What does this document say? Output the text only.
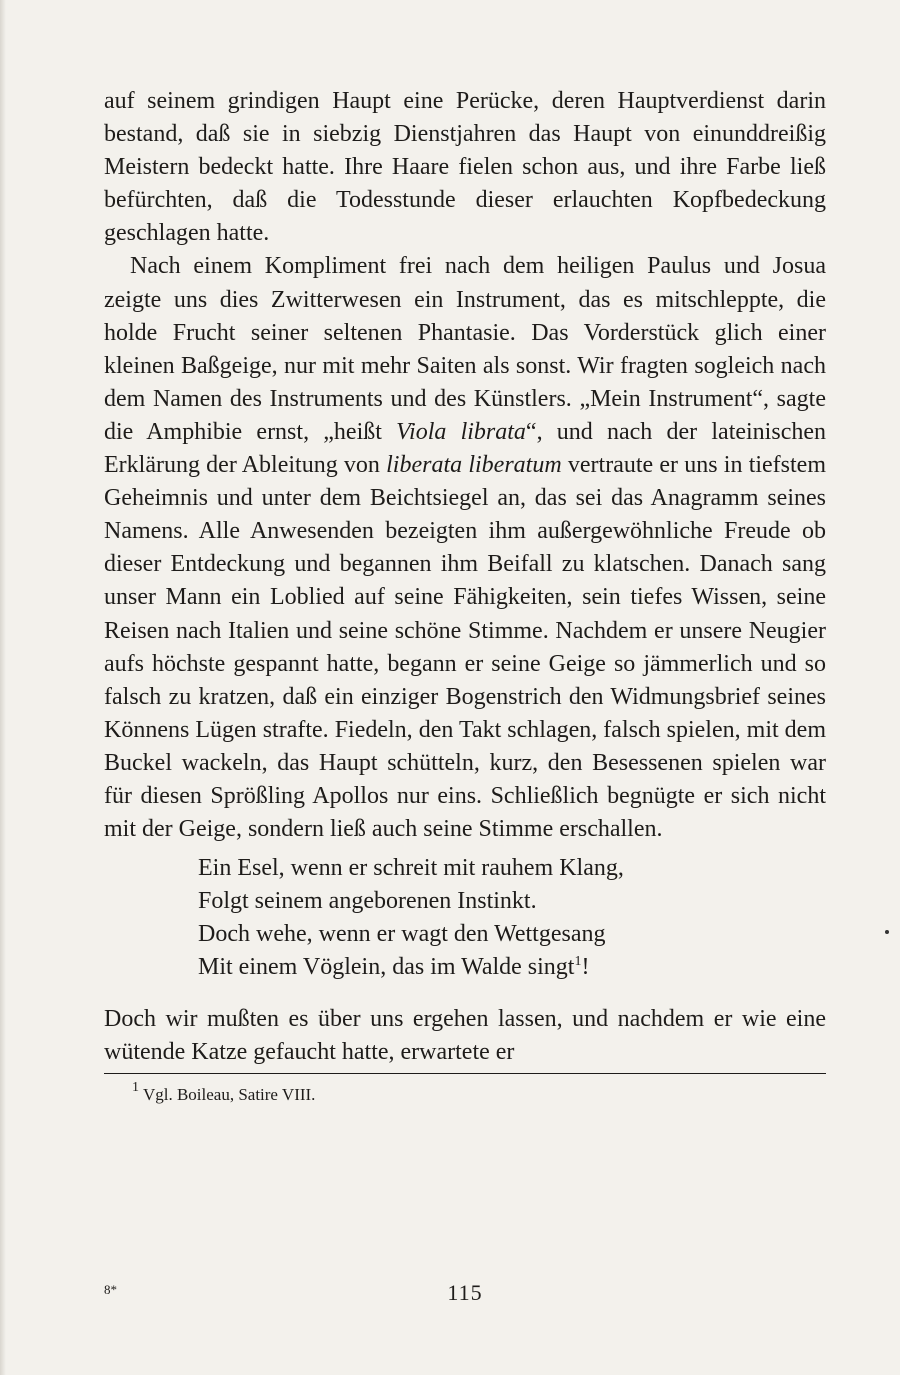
auf seinem grindigen Haupt eine Perücke, deren Hauptverdienst darin bestand, daß sie in siebzig Dienstjahren das Haupt von einunddreißig Meistern bedeckt hatte. Ihre Haare fielen schon aus, und ihre Farbe ließ befürchten, daß die Todesstunde dieser erlauchten Kopfbedeckung geschlagen hatte.

Nach einem Kompliment frei nach dem heiligen Paulus und Josua zeigte uns dies Zwitterwesen ein Instrument, das es mitschleppte, die holde Frucht seiner seltenen Phantasie. Das Vorderstück glich einer kleinen Baßgeige, nur mit mehr Saiten als sonst. Wir fragten sogleich nach dem Namen des Instruments und des Künstlers. „Mein Instrument“, sagte die Amphibie ernst, „heißt Viola librata“, und nach der lateinischen Erklärung der Ableitung von liberata liberatum vertraute er uns in tiefstem Geheimnis und unter dem Beichtsiegel an, das sei das Anagramm seines Namens. Alle Anwesenden bezeigten ihm außergewöhnliche Freude ob dieser Entdeckung und begannen ihm Beifall zu klatschen. Danach sang unser Mann ein Loblied auf seine Fähigkeiten, sein tiefes Wissen, seine Reisen nach Italien und seine schöne Stimme. Nachdem er unsere Neugier aufs höchste gespannt hatte, begann er seine Geige so jämmerlich und so falsch zu kratzen, daß ein einziger Bogenstrich den Widmungsbrief seines Könnens Lügen strafte. Fiedeln, den Takt schlagen, falsch spielen, mit dem Buckel wackeln, das Haupt schütteln, kurz, den Besessenen spielen war für diesen Sprößling Apollos nur eins. Schließlich begnügte er sich nicht mit der Geige, sondern ließ auch seine Stimme erschallen.

Ein Esel, wenn er schreit mit rauhem Klang,
Folgt seinem angeborenen Instinkt.
Doch wehe, wenn er wagt den Wettgesang
Mit einem Vöglein, das im Walde singt$^1$!

Doch wir mußten es über uns ergehen lassen, und nachdem er wie eine wütende Katze gefaucht hatte, erwartete er

$^1$ Vgl. Boileau, Satire VIII.
8*	115
